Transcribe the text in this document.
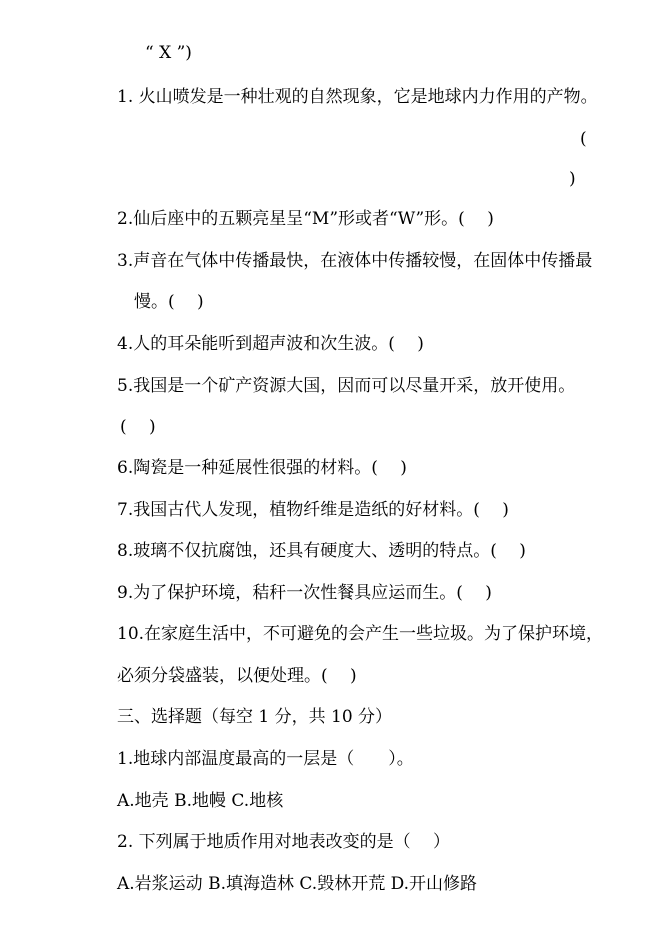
“ X ”)
1. 火山喷发是一种壮观的自然现象，它是地球内力作用的产物。
(
)
2.仙后座中的五颗亮星呈“M”形或者“W”形。(　 )
3.声音在气体中传播最快，在液体中传播较慢，在固体中传播最
慢。(　 )
4.人的耳朵能听到超声波和次生波。(　 )
5.我国是一个矿产资源大国，因而可以尽量开采，放开使用。
(　 )
6.陶瓷是一种延展性很强的材料。(　 )
7.我国古代人发现，植物纤维是造纸的好材料。(　 )
8.玻璃不仅抗腐蚀，还具有硬度大、透明的特点。(　 )
9.为了保护环境，秸秆一次性餐具应运而生。(　 )
10.在家庭生活中，不可避免的会产生一些垃圾。为了保护环境，
必须分袋盛装，以便处理。(　 )
三、选择题（每空 1 分，共 10 分）
1.地球内部温度最高的一层是（　　）。
A.地壳 B.地幔 C.地核
2. 下列属于地质作用对地表改变的是（　 ）
A.岩浆运动 B.填海造林 C.毁林开荒 D.开山修路
